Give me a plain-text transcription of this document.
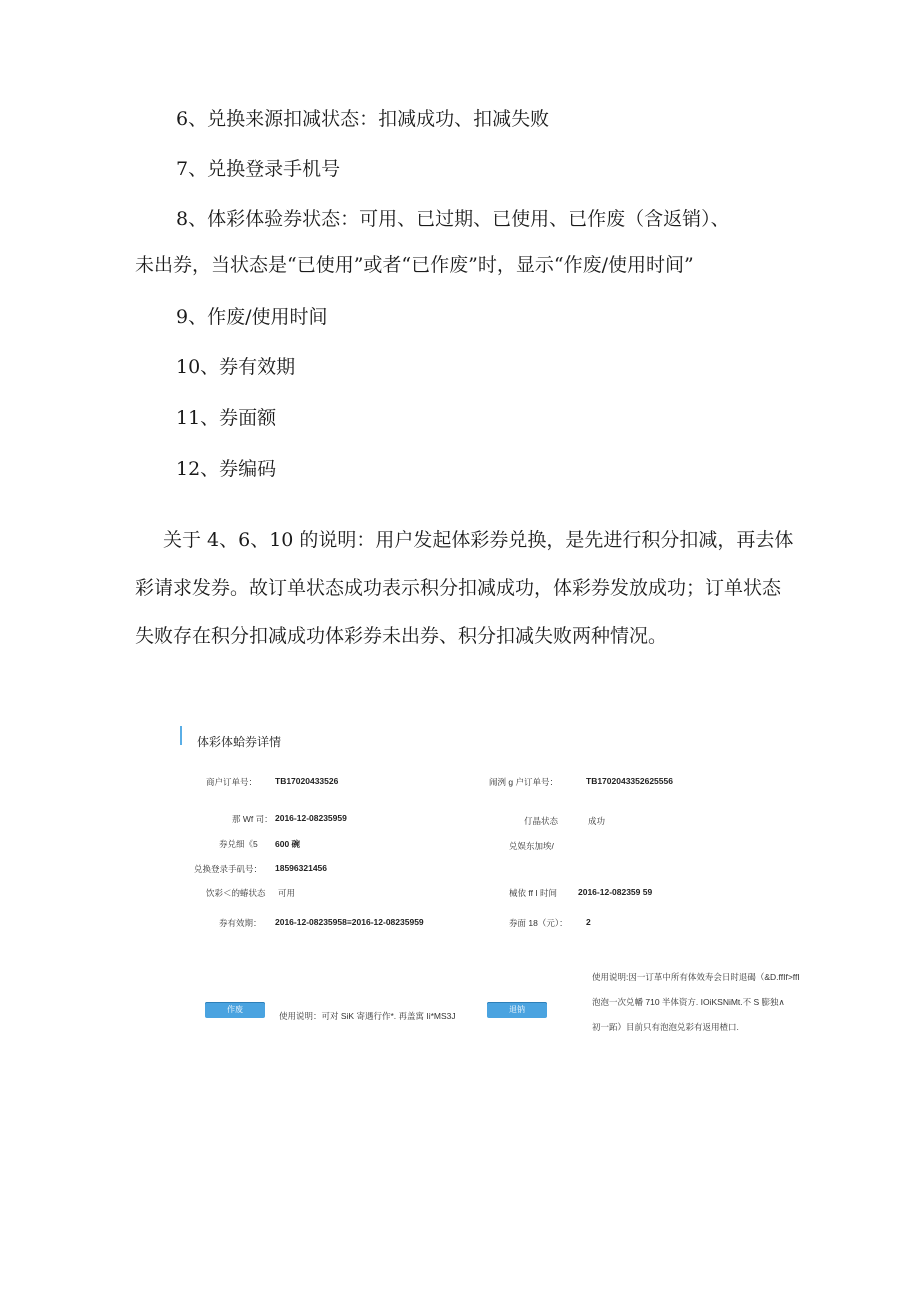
6、兑换来源扣减状态：扣减成功、扣减失败
7、兑换登录手机号
8、体彩体验券状态：可用、已过期、已使用、已作废（含返销）、
未出券，当状态是“已使用”或者“已作废”时，显示“作废/使用时间”
9、作废/使用时间
10、券有效期
11、券面额
12、券编码
关于 4、6、10 的说明：用户发起体彩券兑换，是先进行积分扣减，再去体
彩请求发券。故订单状态成功表示积分扣减成功，体彩券发放成功；订单状态
失败存在积分扣减成功体彩券未出券、积分扣减失败两种情况。
体彩体蛤券详情
商户订单号： TB17020433526	闹洌 g 户订单号：	TB1702043352625556
那 Wf 司： 2016-12-08235959	仃晶状态	成功
券兑细《5 600 碗	兑娱东加埃/
兑换登录手矶号： 18596321456
饮彩＜的蝽状态 可用	械依 ff I 时间 2016-12-082359 59
券有效期： 2016-12-08235958≡2016-12-08235959	券面 18（元）： 2
作废
使用说明：可对 SiK 寄遇行作*. 再盖寓 Ii*MS3J
退钠
使用说明:因一订革中所有体效寿会日时退碣（&D.ffIf>ffI
泡泡一次兑幡 710 半体资方. IOiKSNiMt.不 S 膨独∧
初一跖）目前只有泡泡兑彩有返用楂口.
